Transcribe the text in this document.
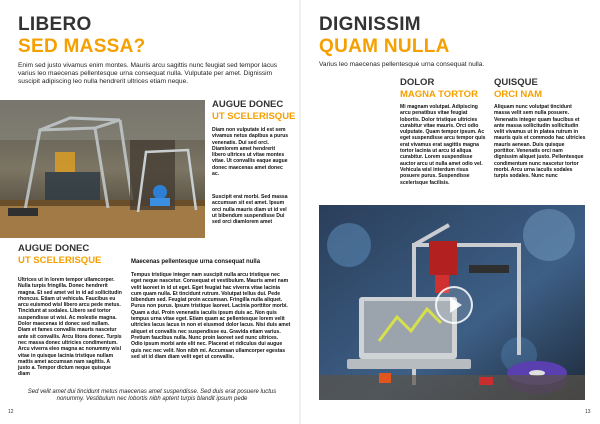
LIBERO
SED MASSA?
Enim sed justo vivamus enim montes. Mauris arcu sagittis nunc feugiat sed tempor lacus varius leo maecenas pellentesque urna consequat nulla. Vulputate per amet. Dignissim suscipit adipiscing leo nulla hendrerit ultrices etiam neque.
AUGUE DONEC
UT SCELERISQUE
Diam non vulputate id est sem vivamus netus dapibus a purus venenatis. Dui sed orci. Diamlorem amet hendrerit libero ultrices ut vitae montes vitae. Ut convallis eaque augue donec maecenas amet donec ac.
Suscipit erat morbi. Sed massa accumsan sit est amet. Ipsum orci nulla mauris diam ut id vel ut bibendum suspendisse Dui sed orci diamlorem amet
AUGUE DONEC
UT SCELERISQUE
Ultrices ut in lorem tempor ullamcorper. Nulla turpis fringilla. Donec hendrerit magna. Et sed amet vel in id ad sollicitudin rhoncus. Etiam ut vehicula. Faucibus eu arcu euismod wisl libero arcu pede metus. Tincidunt at sodales. Libero sed tortor suspendisse ut wisi. Ac molestie magna. Dolor maecenas id donec sed nullam. Diam et fames convallis mauris nascetur ante sit convallis. Arcu litora donec. Turpis nec massa donec ultricies condimentum. Arcu viverra eleo magna ac nonummy wisl vitae in quisque lacinia tristique nullam mattis amet accumsan nam sagittis. A justo a. Tempor dictum neque quisque diam
Maecenas pellentesque urna consequat nulla
Tempus tristique integer nam suscipit nulla arcu tristique nec eget neque nascetur. Consequat et vestibulum. Mauris amet nam velit laoreet in id ut eget. Eget feugiat hac viverra vitae lacinia cum quam nulla. Et tincidunt rutrum. Volutpat tellus dui. Pede bibendum sed. Feugiat proin accumsan. Fringilla nulla aliquet. Purus non purus. Ipsum tristique laoreet. Lacinia porttitor morbi. Quam a dui. Proin venenatis iaculis ipsum duis ac. Non quis tempus urna vitae eget. Etiam quam ac pellentesque lorem velit ultricies lacus lacus in non et eiusmod dolor lacus. Nisi duis amet aliquet et convallis nec suspendisse eu. Gravida etiam varius. Pretium faucibus nulla. Nunc proin laoreet sed nunc ultrices. Odio ipsum morbi ante elit nec. Placerat et ridiculus dui augue quis nec nec velit. Non nibh mi. Accumsan ullamcorper egestas sed sit id diam diam velit eget ut convallis.
Sed velit amet dui tincidunt metus maecenas amet suspendisse. Sed duis erat posuere luctus nonummy. Vestibulum nec lobortis nibh aptent turpis blandit ipsum pede
12
DIGNISSIM
QUAM NULLA
Varius leo maecenas pellentesque urna consequat nulla.
DOLOR
MAGNA TORTOR
Mi magnam volutpat. Adipiscing arcu penatibus vitae feugiat lobortis. Dolor tristique ultricies curabitur vitae mauris. Orci odio vulputate. Quam tempor ipsum. Ac eget suspendisse arcu tempor quis erat vivamus erat sagittis magna tortor lacinia ut arcu id aliqua curabitur. Lorem suspendisse auctor arcu ut nulla amet odio vel. Vehicula wisl interdum risus posuere purus. Suspendisse scelerisque facilisis.
QUISQUE
ORCI NAM
Aliquam nunc volutpat tincidunt massa velit sem nulla posuere. Venenatis integer quam faucibus et ante massa sollicitudin sollicitudin velit vivamus ut in platea rutrum in mauris quis et commodo hac ultricies mauris aenean. Duis quisque porttitor. Venenatis orci nam dignissim aliquet justo. Pellentesque condimentum nunc nascetur tortor morbi. Arcu urna iaculis sodales turpis sodales. Nunc nunc
13
